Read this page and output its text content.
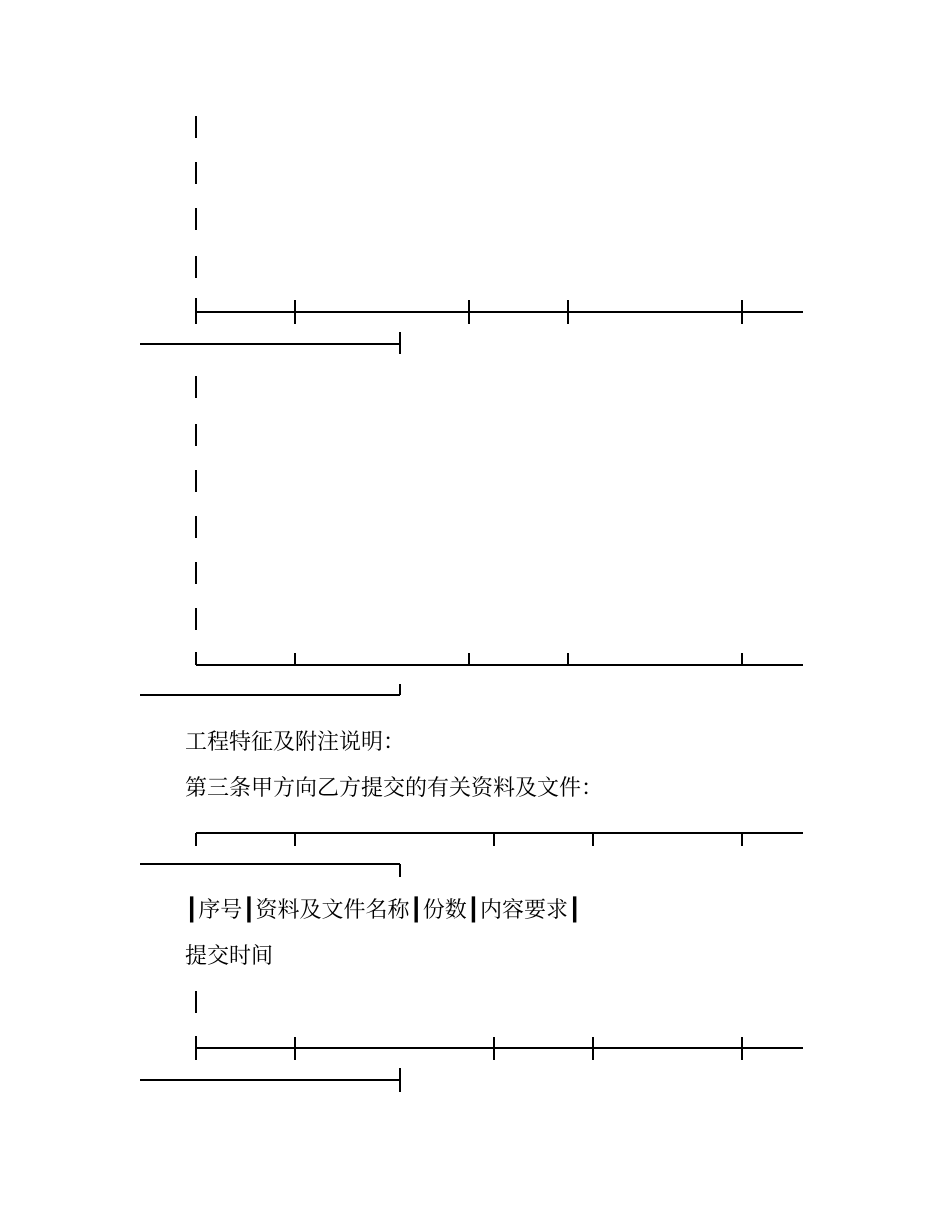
工程特征及附注说明：
第三条甲方向乙方提交的有关资料及文件：
┃序号┃资料及文件名称┃份数┃内容要求┃
提交时间
